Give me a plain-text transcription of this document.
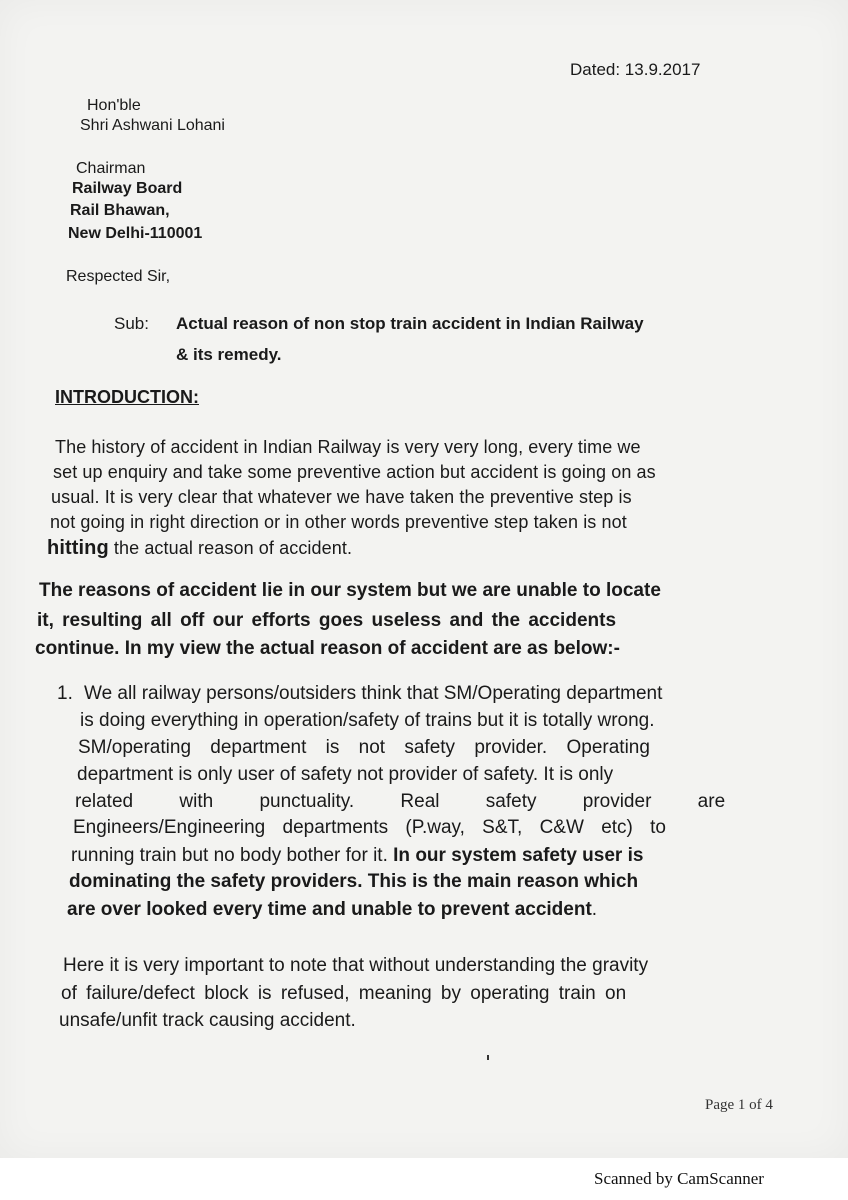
Dated: 13.9.2017
Hon'ble
Shri Ashwani Lohani
Chairman
Railway Board
Rail Bhawan,
New Delhi-110001
Respected Sir,
Sub: Actual reason of non stop train accident in Indian Railway
& its remedy.
INTRODUCTION:
The history of accident in Indian Railway is very very long, every time we
set up enquiry and take some preventive action but accident is going on as
usual. It is very clear that whatever we have taken the preventive step is
not going in right direction or in other words preventive step taken is not
hitting the actual reason of accident.
The reasons of accident lie in our system but we are unable to locate
it, resulting all off our efforts goes useless and the accidents
continue. In my view the actual reason of accident are as below:-
1. We all railway persons/outsiders think that SM/Operating department
is doing everything in operation/safety of trains but it is totally wrong.
SM/operating department is not safety provider. Operating
department is only user of safety not provider of safety. It is only
related with punctuality. Real safety provider are
Engineers/Engineering departments (P.way, S&T, C&W etc) to
running train but no body bother for it. In our system safety user is
dominating the safety providers. This is the main reason which
are over looked every time and unable to prevent accident.
Here it is very important to note that without understanding the gravity
of failure/defect block is refused, meaning by operating train on
unsafe/unfit track causing accident.
Page 1 of 4
Scanned by CamScanner
